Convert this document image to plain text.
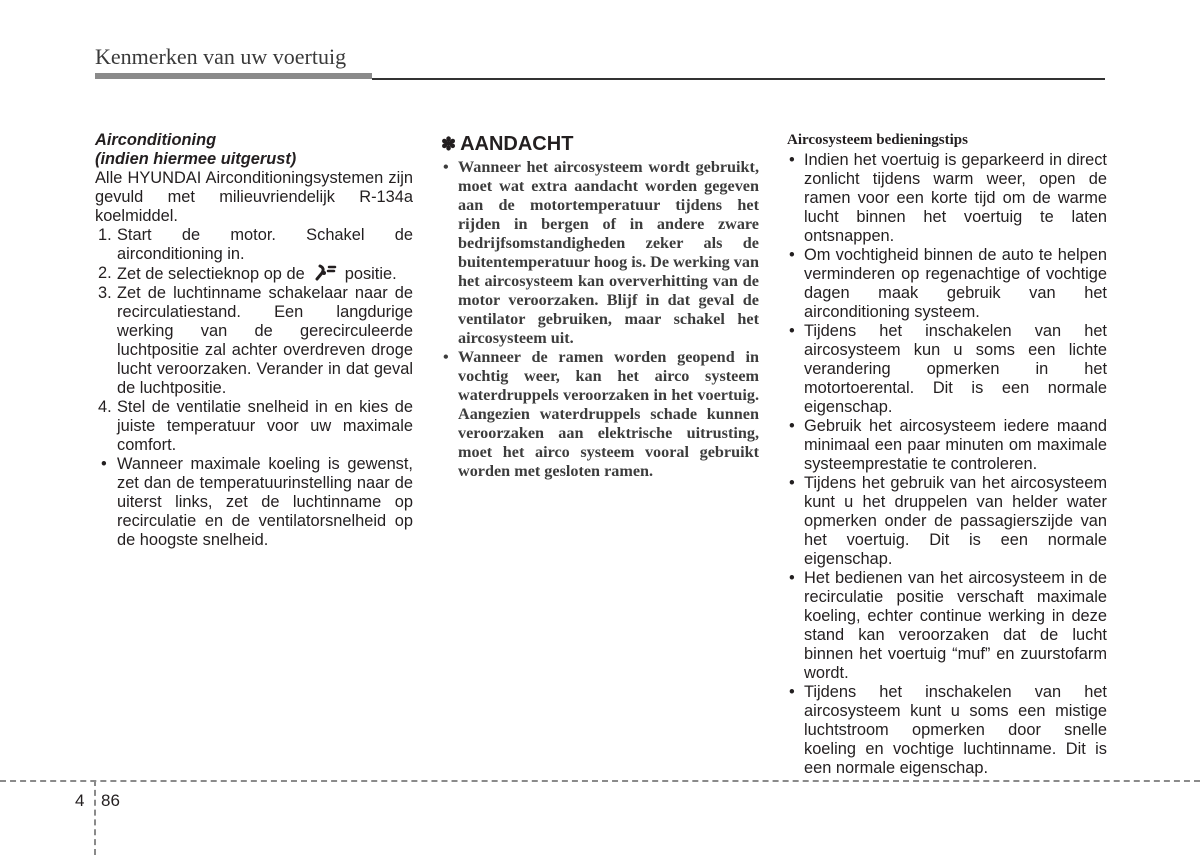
Kenmerken van uw voertuig
Airconditioning
(indien hiermee uitgerust)
Alle HYUNDAI Airconditioningsystemen zijn gevuld met milieuvriendelijk R-134a koelmiddel.
1. Start de motor. Schakel de airconditioning in.
2. Zet de selectieknop op de positie.
3. Zet de luchtinname schakelaar naar de recirculatiestand. Een langdurige werking van de gerecirculeerde luchtpositie zal achter overdreven droge lucht veroorzaken. Verander in dat geval de luchtpositie.
4. Stel de ventilatie snelheid in en kies de juiste temperatuur voor uw maximale comfort.
• Wanneer maximale koeling is gewenst, zet dan de temperatuurinstelling naar de uiterst links, zet de luchtinname op recirculatie en de ventilatorsnelheid op de hoogste snelheid.
✽ AANDACHT
• Wanneer het aircosysteem wordt gebruikt, moet wat extra aandacht worden gegeven aan de motortemperatuur tijdens het rijden in bergen of in andere zware bedrijfsomstandigheden zeker als de buitentemperatuur hoog is. De werking van het aircosysteem kan oververhitting van de motor veroorzaken. Blijf in dat geval de ventilator gebruiken, maar schakel het aircosysteem uit.
• Wanneer de ramen worden geopend in vochtig weer, kan het airco systeem waterdruppels veroorzaken in het voertuig. Aangezien waterdruppels schade kunnen veroorzaken aan elektrische uitrusting, moet het airco systeem vooral gebruikt worden met gesloten ramen.
Aircosysteem bedieningstips
• Indien het voertuig is geparkeerd in direct zonlicht tijdens warm weer, open de ramen voor een korte tijd om de warme lucht binnen het voertuig te laten ontsnappen.
• Om vochtigheid binnen de auto te helpen verminderen op regenachtige of vochtige dagen maak gebruik van het airconditioning systeem.
• Tijdens het inschakelen van het aircosysteem kun u soms een lichte verandering opmerken in het motortoerental. Dit is een normale eigenschap.
• Gebruik het aircosysteem iedere maand minimaal een paar minuten om maximale systeemprestatie te controleren.
• Tijdens het gebruik van het aircosysteem kunt u het druppelen van helder water opmerken onder de passagierszijde van het voertuig. Dit is een normale eigenschap.
• Het bedienen van het aircosysteem in de recirculatie positie verschaft maximale koeling, echter continue werking in deze stand kan veroorzaken dat de lucht binnen het voertuig “muf” en zuurstofarm wordt.
• Tijdens het inschakelen van het aircosysteem kunt u soms een mistige luchtstroom opmerken door snelle koeling en vochtige luchtinname. Dit is een normale eigenschap.
4 86
